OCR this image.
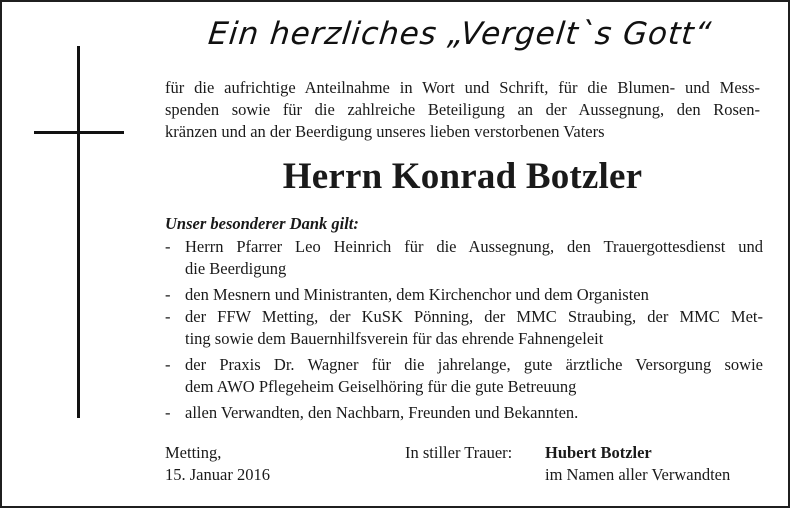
Ein herzliches „Vergelt`s Gott“
für die aufrichtige Anteilnahme in Wort und Schrift, für die Blumen- und Mess-
spenden sowie für die zahlreiche Beteiligung an der Aussegnung, den Rosen-
kränzen und an der Beerdigung unseres lieben verstorbenen Vaters
Herrn Konrad Botzler
Unser besonderer Dank gilt:
- Herrn Pfarrer Leo Heinrich für die Aussegnung, den Trauergottesdienst und
die Beerdigung
- den Mesnern und Ministranten, dem Kirchenchor und dem Organisten
- der FFW Metting, der KuSK Pönning, der MMC Straubing, der MMC Met-
ting sowie dem Bauernhilfsverein für das ehrende Fahnengeleit
- der Praxis Dr. Wagner für die jahrelange, gute ärztliche Versorgung sowie
dem AWO Pflegeheim Geiselhöring für die gute Betreuung
- allen Verwandten, den Nachbarn, Freunden und Bekannten.
Metting,
15. Januar 2016
In stiller Trauer: Hubert Botzler
im Namen aller Verwandten
